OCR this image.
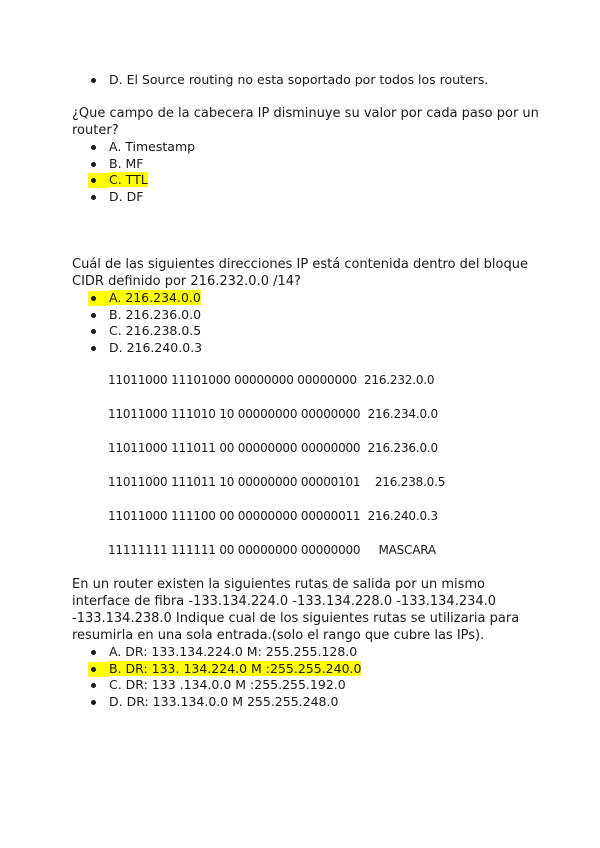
D. El Source routing no esta soportado por todos los routers.

¿Que campo de la cabecera IP disminuye su valor por cada paso por un router?

A. Timestamp
B. MF
C. TTL
D. DF

Cuál de las siguientes direcciones IP está contenida dentro del bloque CIDR definido por 216.232.0.0 /14?

A. 216.234.0.0
B. 216.236.0.0
C. 216.238.0.5
D. 216.240.0.3
11011000 11101000 00000000 00000000 216.232.0.0
11011000 111010 10 00000000 00000000 216.234.0.0
11011000 111011 00 00000000 00000000 216.236.0.0
11011000 111011 10 00000000 00000101 216.238.0.5
11011000 111100 00 00000000 00000011 216.240.0.3
11111111 111111 00 00000000 00000000 MASCARA

En un router existen la siguientes rutas de salida por un mismo interface de fibra -133.134.224.0 -133.134.228.0 -133.134.234.0 -133.134.238.0 Indique cual de los siguientes rutas se utilizaria para resumirla en una sola entrada.(solo el rango que cubre las IPs).

A. DR: 133.134.224.0 M: 255.255.128.0
B. DR: 133. 134.224.0 M :255.255.240.0
C. DR: 133 .134.0.0 M :255.255.192.0
D. DR: 133.134.0.0 M 255.255.248.0
